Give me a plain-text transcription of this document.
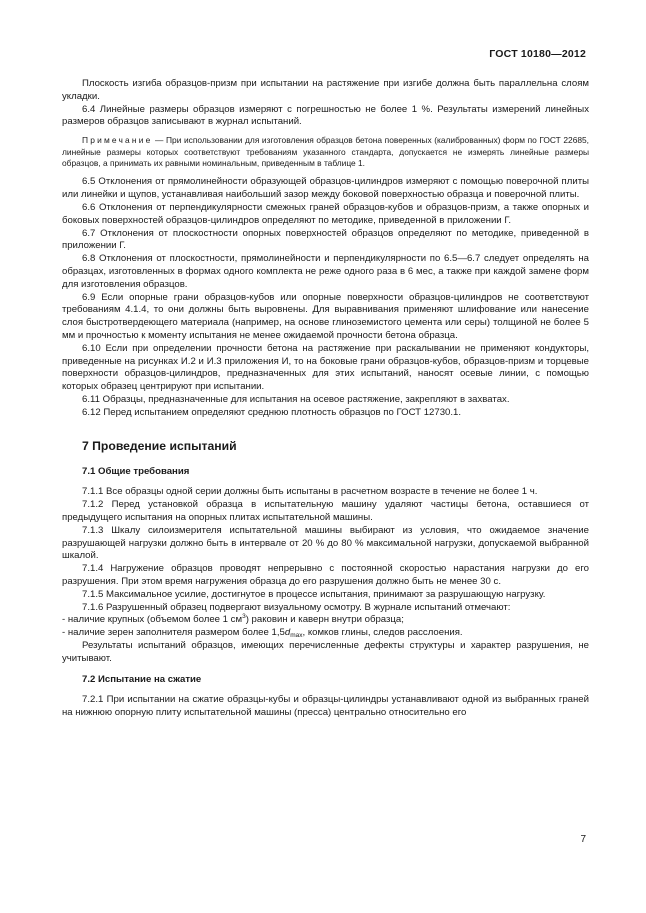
ГОСТ 10180—2012

Плоскость изгиба образцов-призм при испытании на растяжение при изгибе должна быть параллельна слоям укладки.

6.4 Линейные размеры образцов измеряют с погрешностью не более 1 %. Результаты измерений линейных размеров образцов записывают в журнал испытаний.

Примечание — При использовании для изготовления образцов бетона поверенных (калиброванных) форм по ГОСТ 22685, линейные размеры которых соответствуют требованиям указанного стандарта, допускается не измерять линейные размеры образцов, а принимать их равными номинальным, приведенным в таблице 1.

6.5 Отклонения от прямолинейности образующей образцов-цилиндров измеряют с помощью поверочной плиты или линейки и щупов, устанавливая наибольший зазор между боковой поверхностью образца и поверочной плиты.

6.6 Отклонения от перпендикулярности смежных граней образцов-кубов и образцов-призм, а также опорных и боковых поверхностей образцов-цилиндров определяют по методике, приведенной в приложении Г.

6.7 Отклонения от плоскостности опорных поверхностей образцов определяют по методике, приведенной в приложении Г.

6.8 Отклонения от плоскостности, прямолинейности и перпендикулярности по 6.5—6.7 следует определять на образцах, изготовленных в формах одного комплекта не реже одного раза в 6 мес, а также при каждой замене форм для изготовления образцов.

6.9 Если опорные грани образцов-кубов или опорные поверхности образцов-цилиндров не соответствуют требованиям 4.1.4, то они должны быть выровнены. Для выравнивания применяют шлифование или нанесение слоя быстротвердеющего материала (например, на основе глиноземистого цемента или серы) толщиной не более 5 мм и прочностью к моменту испытания не менее ожидаемой прочности бетона образца.

6.10 Если при определении прочности бетона на растяжение при раскалывании не применяют кондукторы, приведенные на рисунках И.2 и И.3 приложения И, то на боковые грани образцов-кубов, образцов-призм и торцевые поверхности образцов-цилиндров, предназначенных для этих испытаний, наносят осевые линии, с помощью которых образец центрируют при испытании.

6.11 Образцы, предназначенные для испытания на осевое растяжение, закрепляют в захватах.

6.12 Перед испытанием определяют среднюю плотность образцов по ГОСТ 12730.1.

7 Проведение испытаний
7.1 Общие требования

7.1.1 Все образцы одной серии должны быть испытаны в расчетном возрасте в течение не более 1 ч.

7.1.2 Перед установкой образца в испытательную машину удаляют частицы бетона, оставшиеся от предыдущего испытания на опорных плитах испытательной машины.

7.1.3 Шкалу силоизмерителя испытательной машины выбирают из условия, что ожидаемое значение разрушающей нагрузки должно быть в интервале от 20 % до 80 % максимальной нагрузки, допускаемой выбранной шкалой.

7.1.4 Нагружение образцов проводят непрерывно с постоянной скоростью нарастания нагрузки до его разрушения. При этом время нагружения образца до его разрушения должно быть не менее 30 с.

7.1.5 Максимальное усилие, достигнутое в процессе испытания, принимают за разрушающую нагрузку.

7.1.6 Разрушенный образец подвергают визуальному осмотру. В журнале испытаний отмечают:

- наличие крупных (объемом более 1 $см^3$) раковин и каверн внутри образца;

- наличие зерен заполнителя размером более $1,5d_{max}$, комков глины, следов расслоения.

Результаты испытаний образцов, имеющих перечисленные дефекты структуры и характер разрушения, не учитывают.

7.2 Испытание на сжатие

7.2.1 При испытании на сжатие образцы-кубы и образцы-цилиндры устанавливают одной из выбранных граней на нижнюю опорную плиту испытательной машины (пресса) центрально относительно его

7
